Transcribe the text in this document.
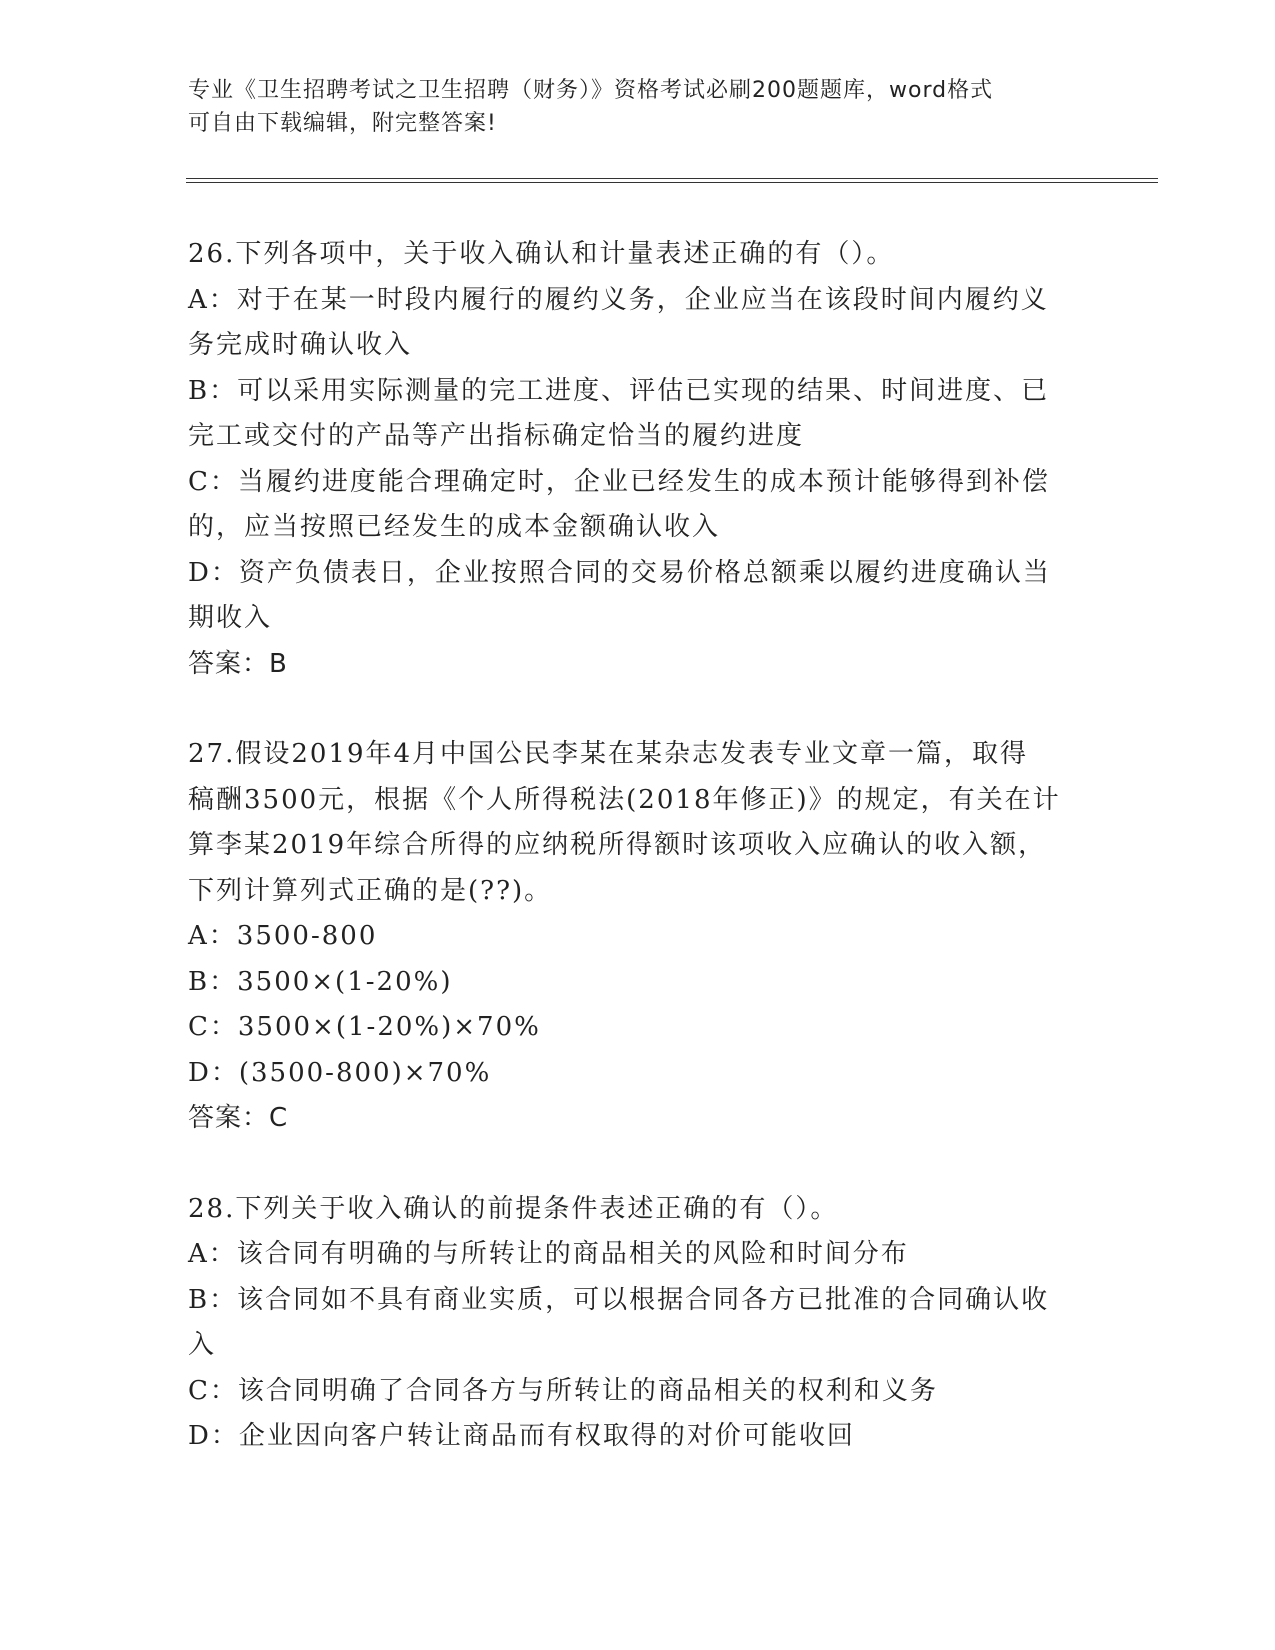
专业《卫生招聘考试之卫生招聘（财务）》资格考试必刷200题题库，word格式
可自由下载编辑，附完整答案!
26.下列各项中，关于收入确认和计量表述正确的有（）。
A：对于在某一时段内履行的履约义务，企业应当在该段时间内履约义
务完成时确认收入
B：可以采用实际测量的完工进度、评估已实现的结果、时间进度、已
完工或交付的产品等产出指标确定恰当的履约进度
C：当履约进度能合理确定时，企业已经发生的成本预计能够得到补偿
的，应当按照已经发生的成本金额确认收入
D：资产负债表日，企业按照合同的交易价格总额乘以履约进度确认当
期收入
答案：B
27.假设2019年4月中国公民李某在某杂志发表专业文章一篇，取得
稿酬3500元，根据《个人所得税法(2018年修正)》的规定，有关在计
算李某2019年综合所得的应纳税所得额时该项收入应确认的收入额，
下列计算列式正确的是(??)。
A：3500-800
B：3500×(1-20%)
C：3500×(1-20%)×70%
D：(3500-800)×70%
答案：C
28.下列关于收入确认的前提条件表述正确的有（）。
A：该合同有明确的与所转让的商品相关的风险和时间分布
B：该合同如不具有商业实质，可以根据合同各方已批准的合同确认收
入
C：该合同明确了合同各方与所转让的商品相关的权利和义务
D：企业因向客户转让商品而有权取得的对价可能收回
